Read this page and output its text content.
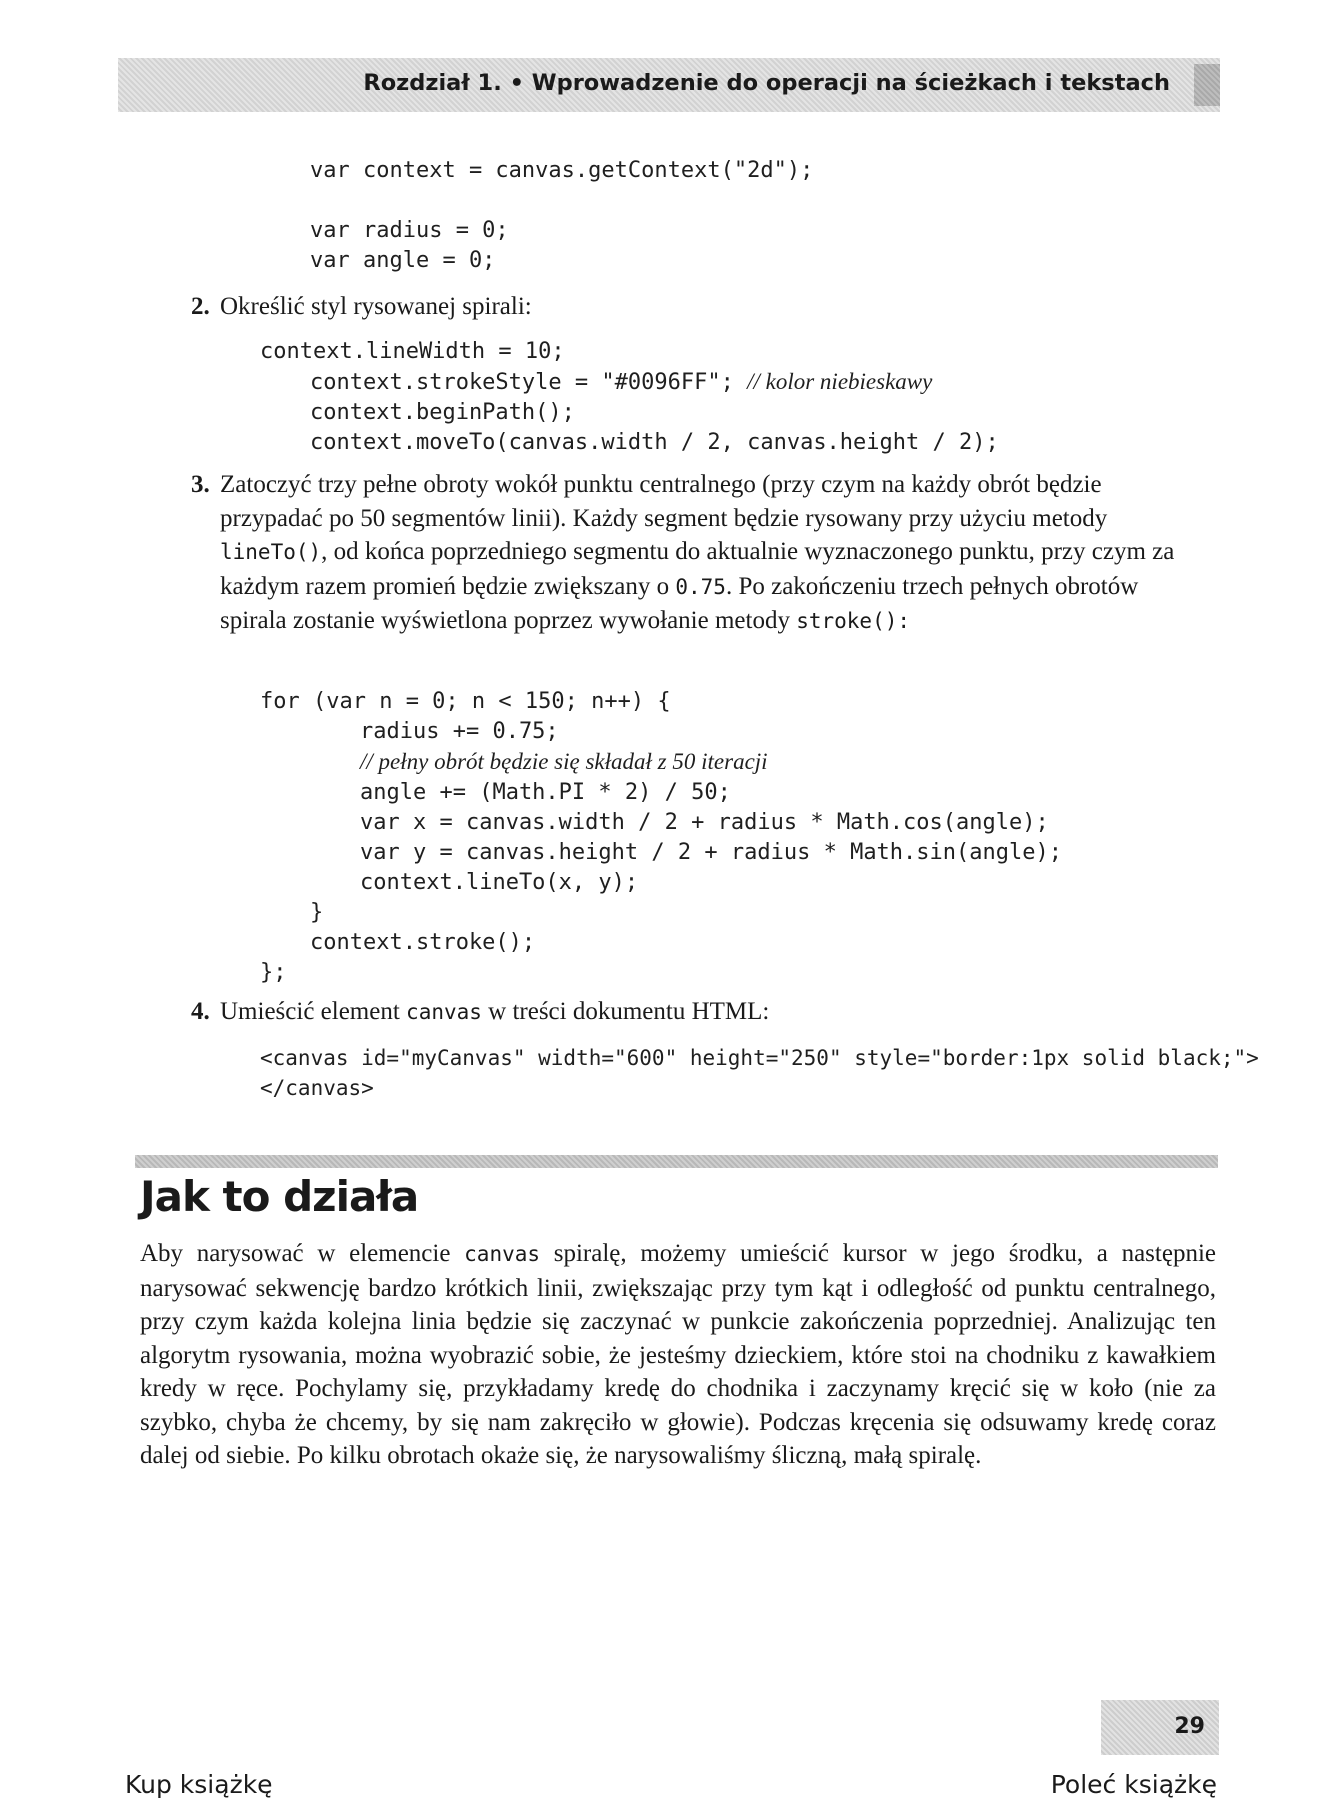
Rozdział 1. • Wprowadzenie do operacji na ścieżkach i tekstach
var context = canvas.getContext("2d");

var radius = 0;
var angle = 0;
2. Określić styl rysowanej spirali:
context.lineWidth = 10;
context.strokeStyle = "#0096FF"; // kolor niebieskawy
context.beginPath();
context.moveTo(canvas.width / 2, canvas.height / 2);
3. Zatoczyć trzy pełne obroty wokół punktu centralnego (przy czym na każdy obrót będzie przypadać po 50 segmentów linii). Każdy segment będzie rysowany przy użyciu metody lineTo(), od końca poprzedniego segmentu do aktualnie wyznaczonego punktu, przy czym za każdym razem promień będzie zwiększany o 0.75. Po zakończeniu trzech pełnych obrotów spirala zostanie wyświetlona poprzez wywołanie metody stroke():
for (var n = 0; n < 150; n++) {
radius += 0.75;
// pełny obrót będzie się składał z 50 iteracji
angle += (Math.PI * 2) / 50;
var x = canvas.width / 2 + radius * Math.cos(angle);
var y = canvas.height / 2 + radius * Math.sin(angle);
context.lineTo(x, y);
}
context.stroke();
};
4. Umieścić element canvas w treści dokumentu HTML:
<canvas id="myCanvas" width="600" height="250" style="border:1px solid black;">
</canvas>
Jak to działa

Aby narysować w elemencie canvas spiralę, możemy umieścić kursor w jego środku, a następnie narysować sekwencję bardzo krótkich linii, zwiększając przy tym kąt i odległość od punktu centralnego, przy czym każda kolejna linia będzie się zaczynać w punkcie zakończenia poprzedniej. Analizując ten algorytm rysowania, można wyobrazić sobie, że jesteśmy dzieckiem, które stoi na chodniku z kawałkiem kredy w ręce. Pochylamy się, przykładamy kredę do chodnika i zaczynamy kręcić się w koło (nie za szybko, chyba że chcemy, by się nam zakręciło w głowie). Podczas kręcenia się odsuwamy kredę coraz dalej od siebie. Po kilku obrotach okaże się, że narysowaliśmy śliczną, małą spiralę.

29
Kup książkę	Poleć książkę
